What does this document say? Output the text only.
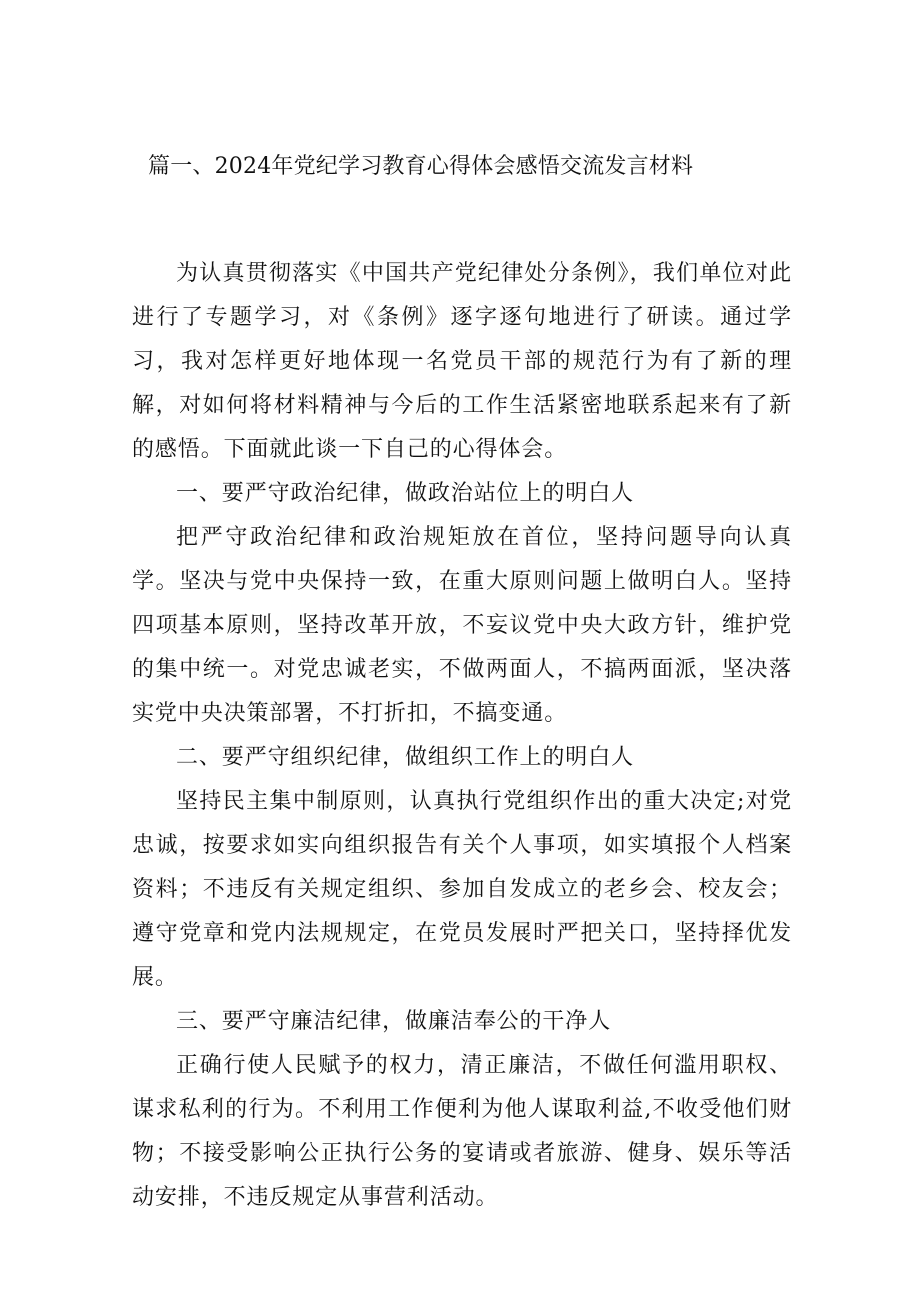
篇一、2024年党纪学习教育心得体会感悟交流发言材料

为认真贯彻落实《中国共产党纪律处分条例》，我们单位对此进行了专题学习，对《条例》逐字逐句地进行了研读。通过学习，我对怎样更好地体现一名党员干部的规范行为有了新的理解，对如何将材料精神与今后的工作生活紧密地联系起来有了新的感悟。下面就此谈一下自己的心得体会。

一、要严守政治纪律，做政治站位上的明白人

把严守政治纪律和政治规矩放在首位，坚持问题导向认真学。坚决与党中央保持一致，在重大原则问题上做明白人。坚持四项基本原则，坚持改革开放，不妄议党中央大政方针，维护党的集中统一。对党忠诚老实，不做两面人，不搞两面派，坚决落实党中央决策部署，不打折扣，不搞变通。

二、要严守组织纪律，做组织工作上的明白人

坚持民主集中制原则，认真执行党组织作出的重大决定;对党忠诚，按要求如实向组织报告有关个人事项，如实填报个人档案资料；不违反有关规定组织、参加自发成立的老乡会、校友会；遵守党章和党内法规规定，在党员发展时严把关口，坚持择优发展。

三、要严守廉洁纪律，做廉洁奉公的干净人

正确行使人民赋予的权力，清正廉洁，不做任何滥用职权、谋求私利的行为。不利用工作便利为他人谋取利益,不收受他们财物；不接受影响公正执行公务的宴请或者旅游、健身、娱乐等活动安排，不违反规定从事营利活动。
